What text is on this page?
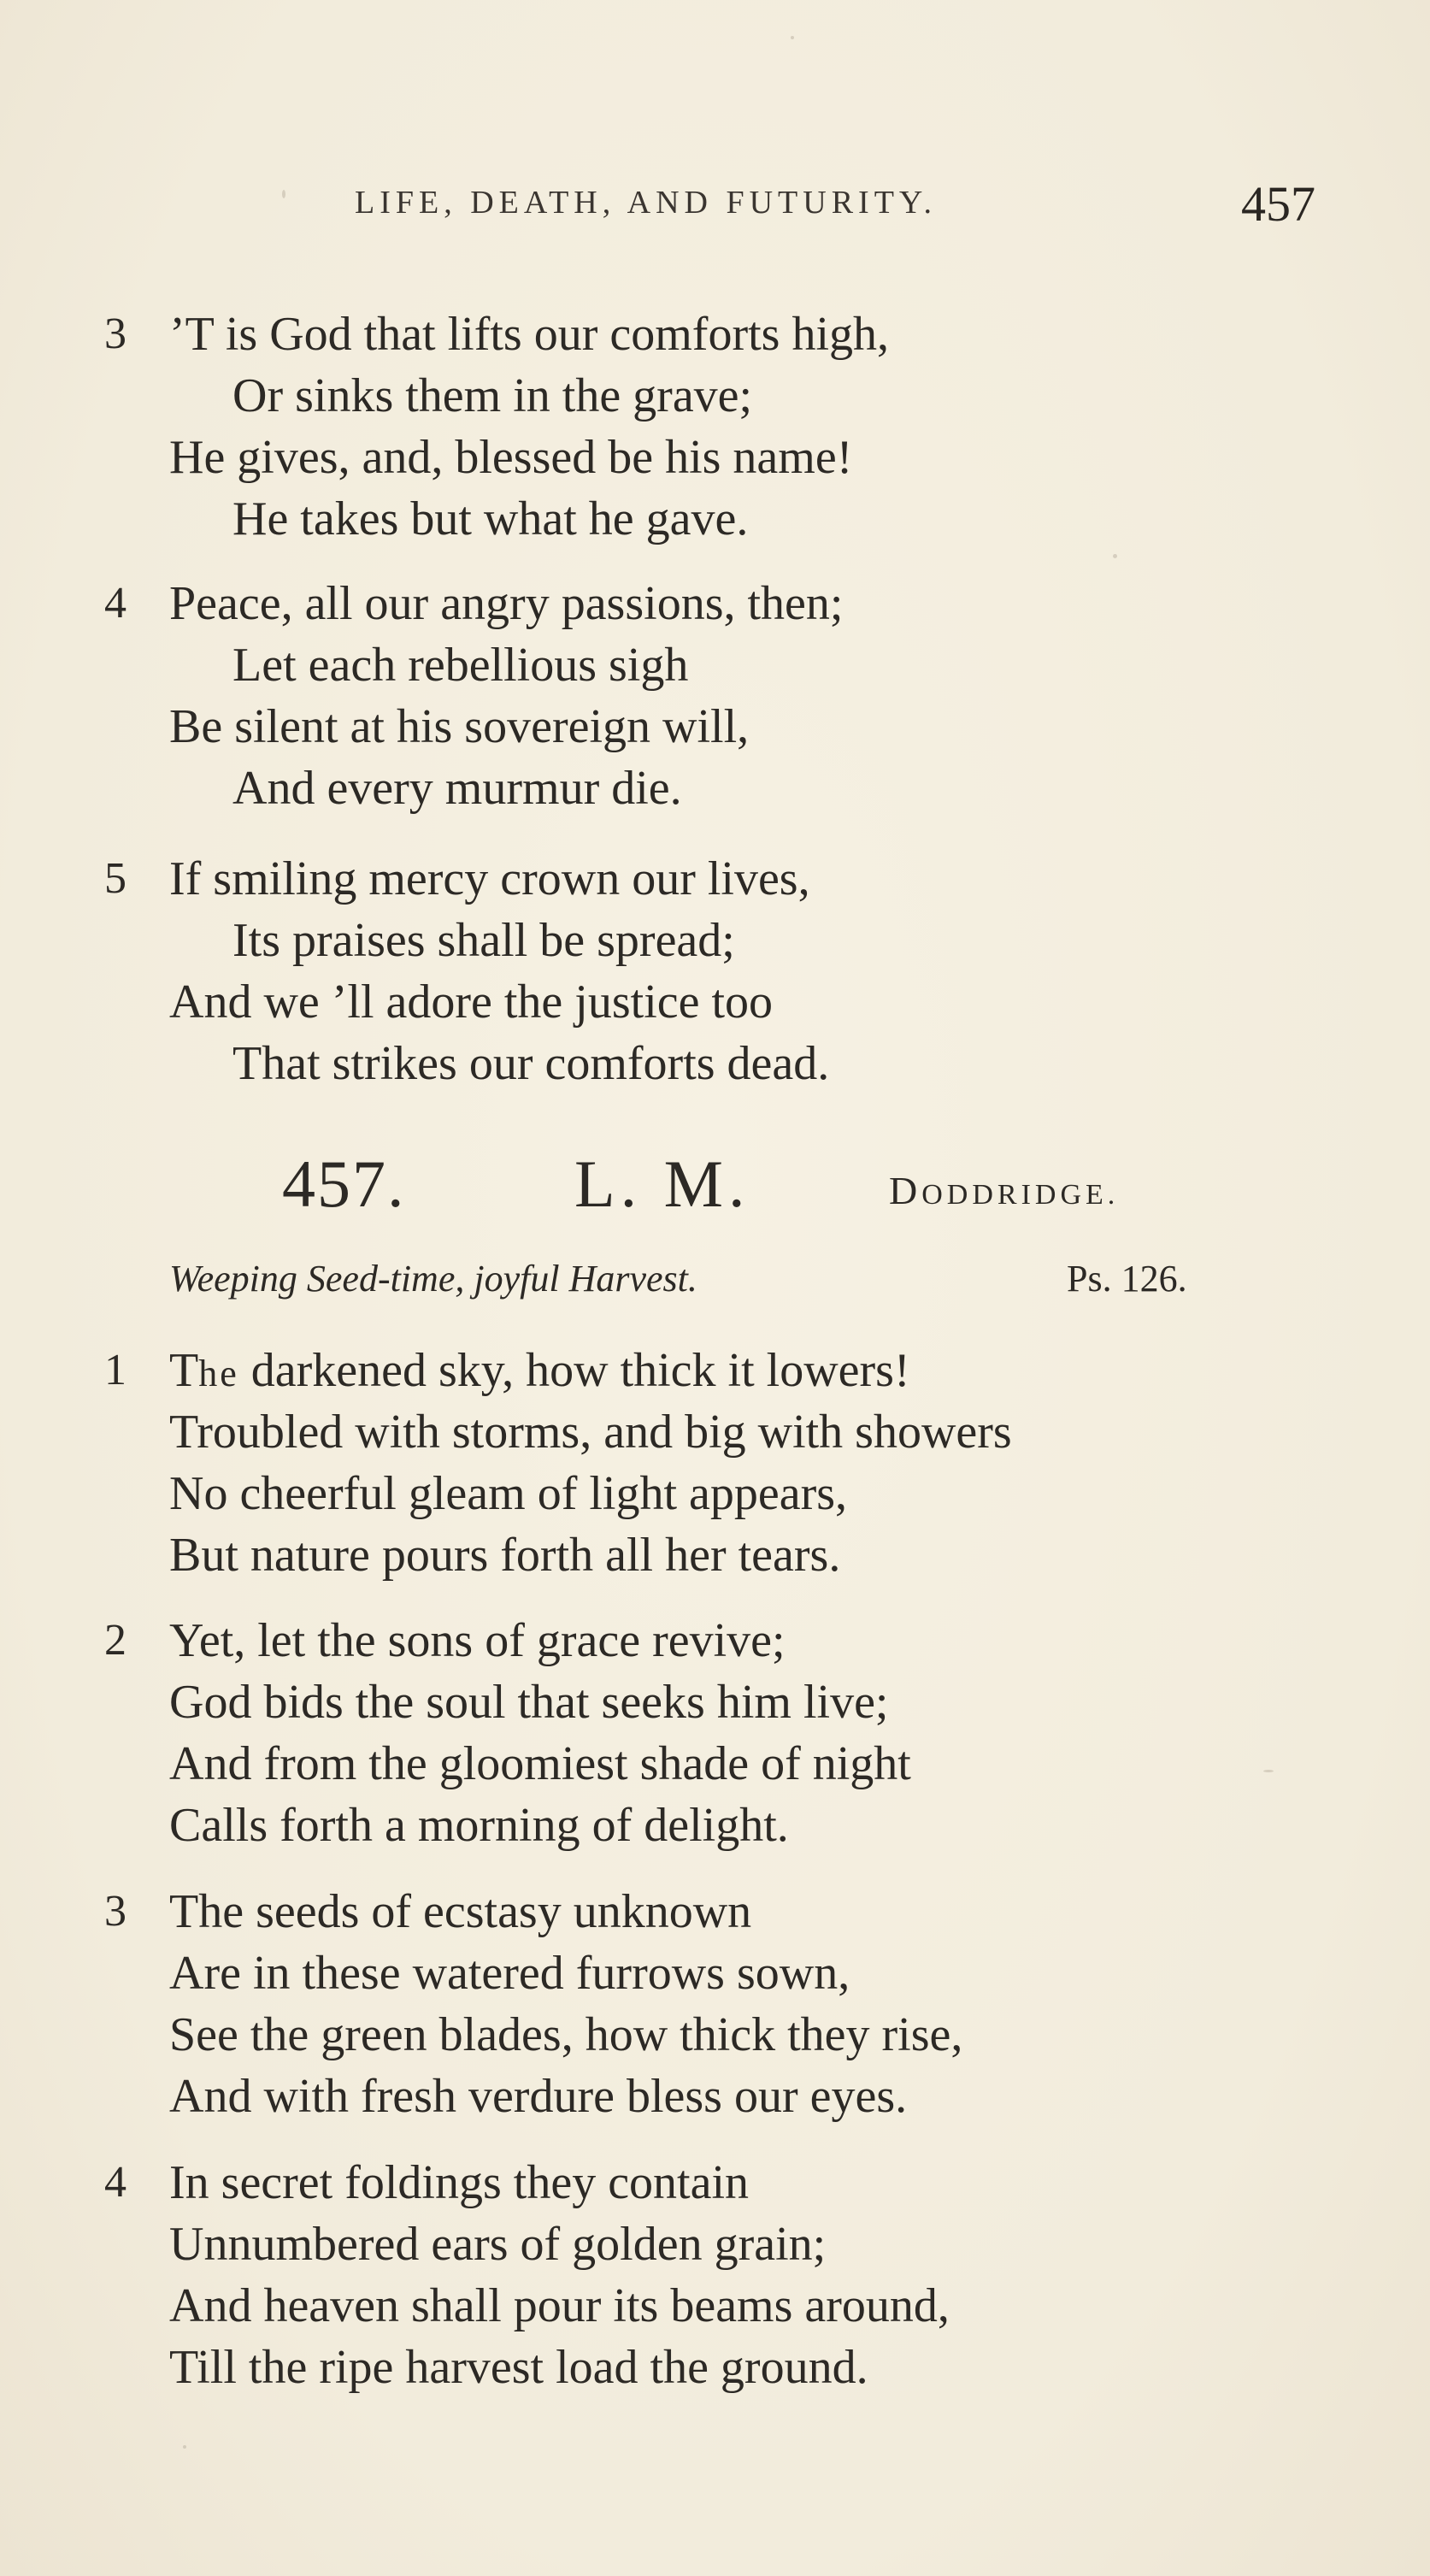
LIFE, DEATH, AND FUTURITY.	457
3 ’T is God that lifts our comforts high,
Or sinks them in the grave;
He gives, and, blessed be his name!
He takes but what he gave.
4 Peace, all our angry passions, then;
Let each rebellious sigh
Be silent at his sovereign will,
And every murmur die.
5 If smiling mercy crown our lives,
Its praises shall be spread;
And we ’ll adore the justice too
That strikes our comforts dead.
457.	L. M.	DODDRIDGE.
Weeping Seed-time, joyful Harvest.	Ps. 126.
1 The darkened sky, how thick it lowers!
Troubled with storms, and big with showers
No cheerful gleam of light appears,
But nature pours forth all her tears.
2 Yet, let the sons of grace revive;
God bids the soul that seeks him live;
And from the gloomiest shade of night
Calls forth a morning of delight.
3 The seeds of ecstasy unknown
Are in these watered furrows sown,
See the green blades, how thick they rise,
And with fresh verdure bless our eyes.
4 In secret foldings they contain
Unnumbered ears of golden grain;
And heaven shall pour its beams around,
Till the ripe harvest load the ground.
